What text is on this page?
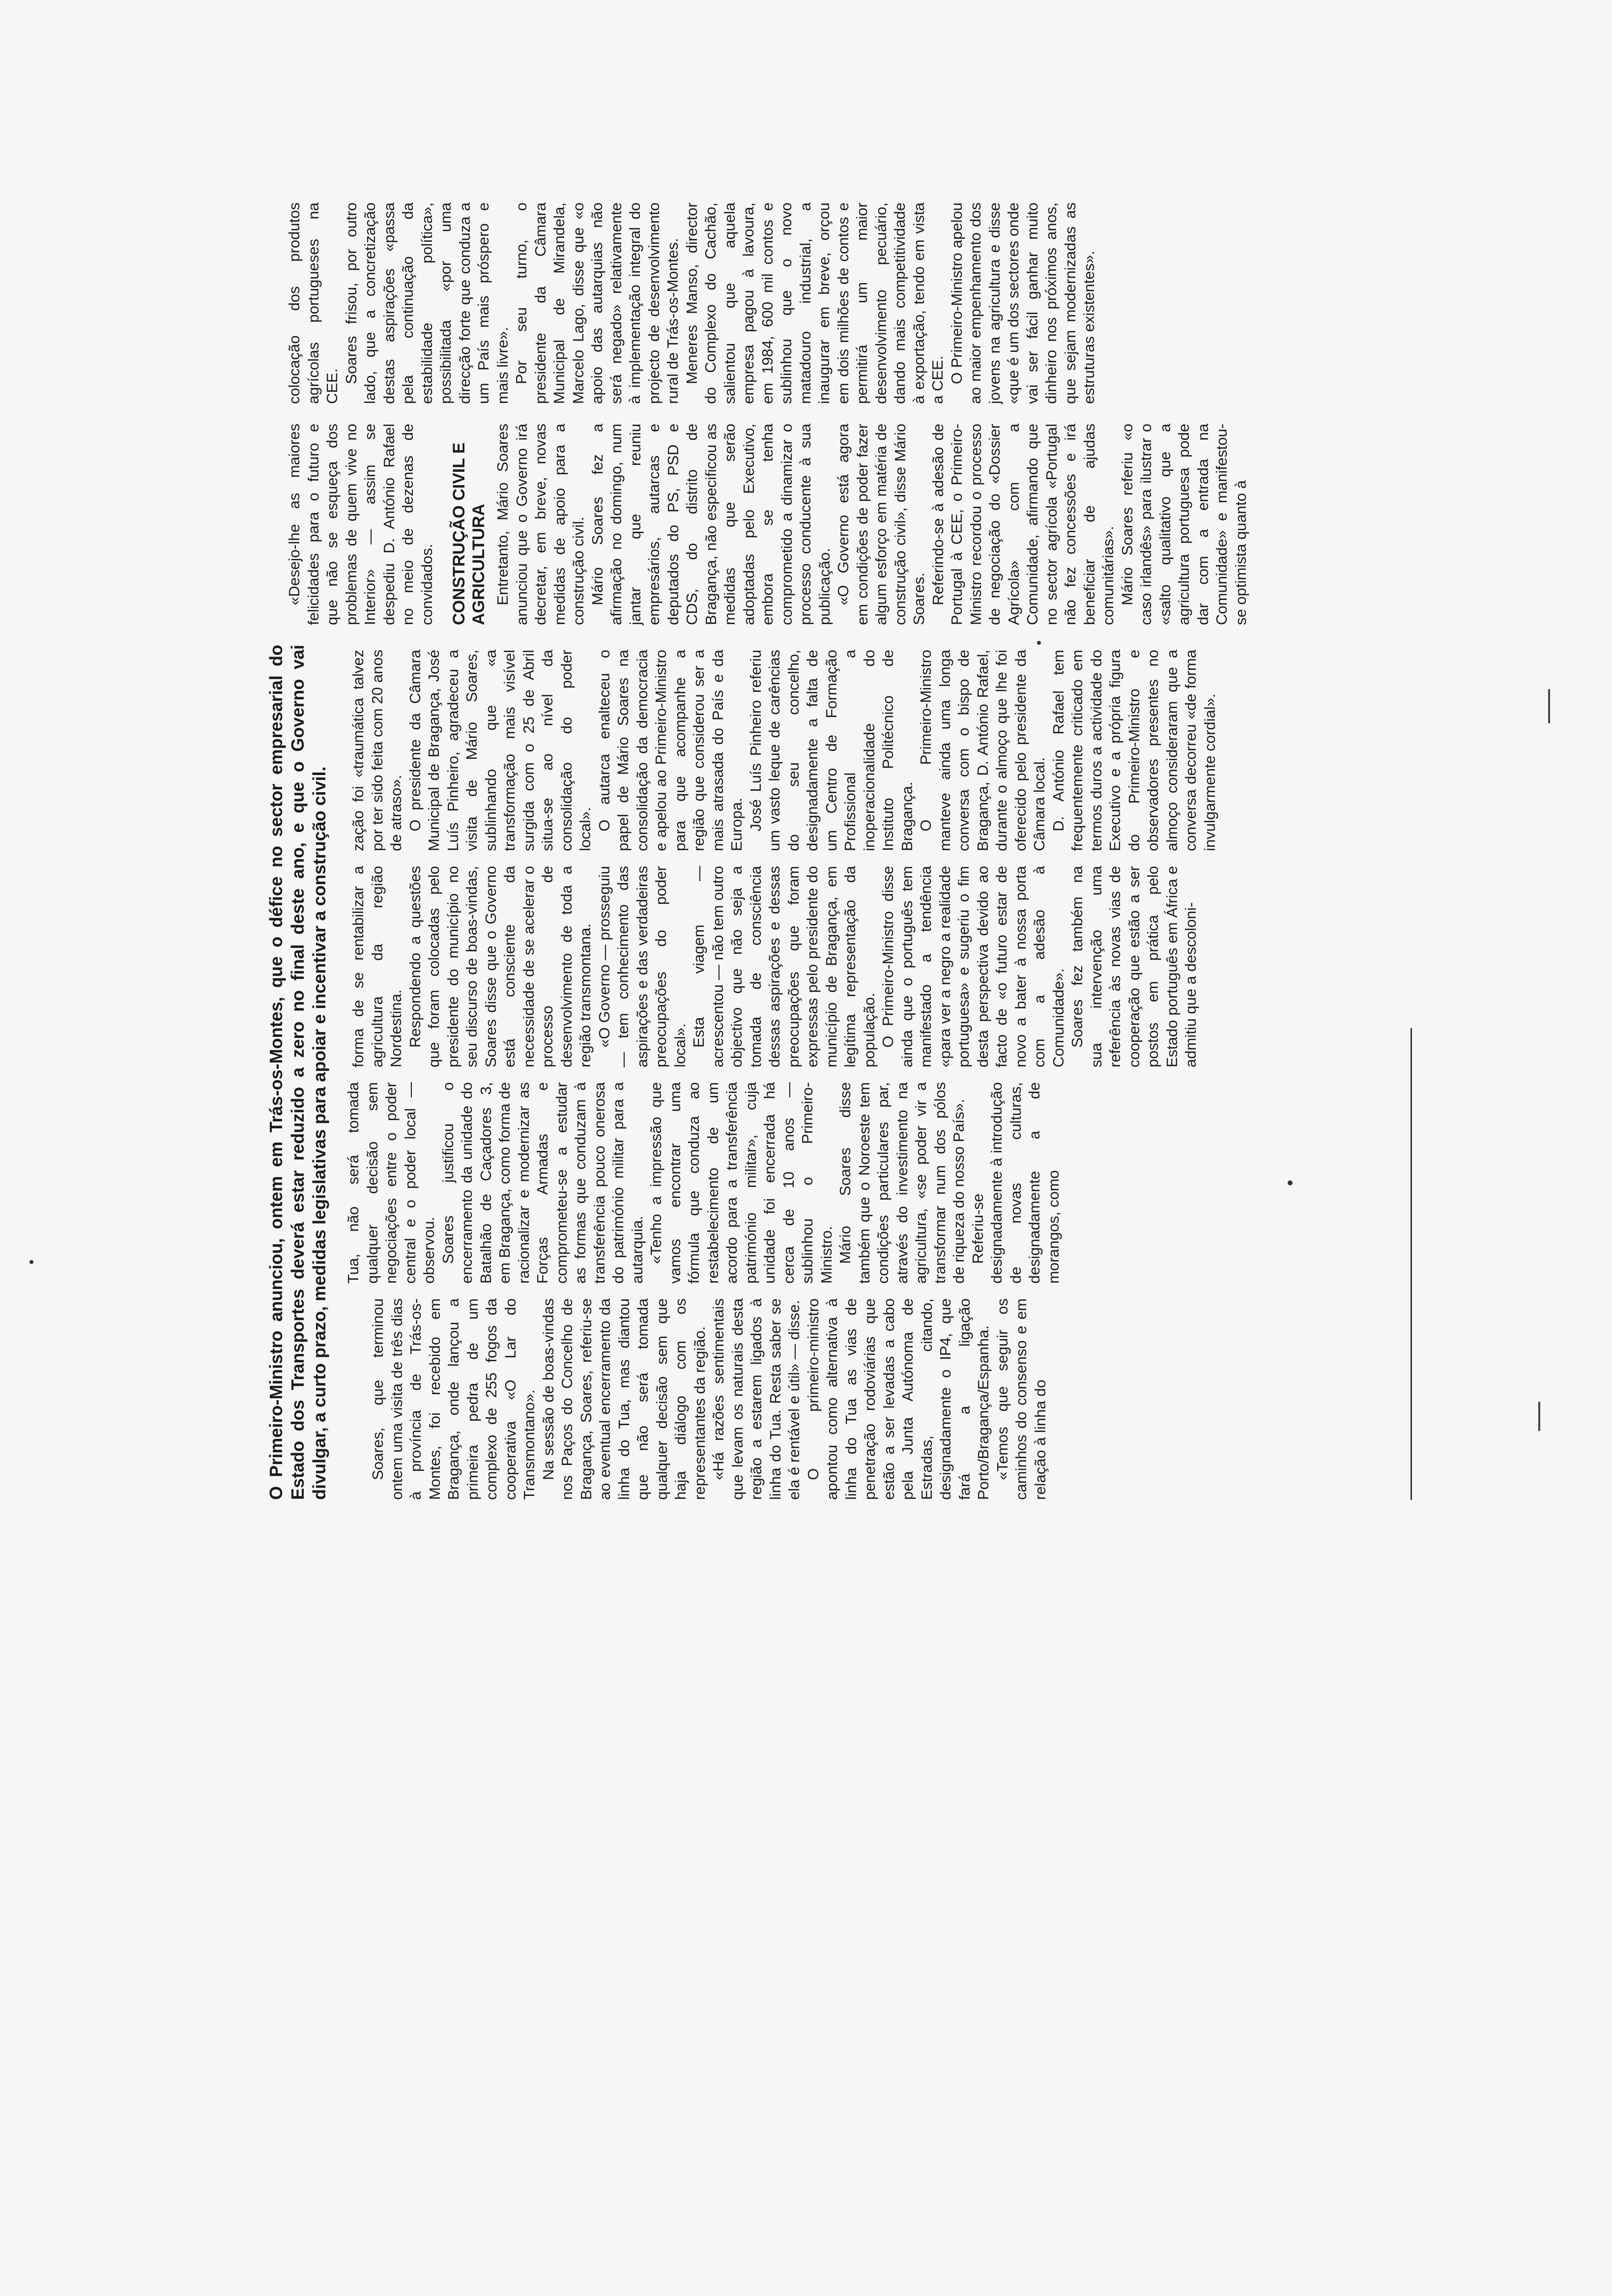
O Primeiro-Ministro anunciou, ontem em Trás-os-Montes, que o défice no sector empresarial do Estado dos Transportes deverá estar reduzido a zero no final deste ano, e que o Governo vai divulgar, a curto prazo, medidas legislativas para apoiar e incentivar a construção civil.	Soares, que terminou ontem uma visita de três dias à província de Trás-os-Montes, foi recebido em Bragança, onde lançou a primeira pedra de um complexo de 255 fogos da cooperativa «O Lar do Transmontano». Na sessão de boas-vindas nos Paços do Concelho de Bragança, Soares, referiu-se ao eventual encerramento da linha do Tua, mas diantou que não será tomada qualquer decisão sem que haja diálogo com os representantes da região. «Há razões sentimentais que levam os naturais desta região a estarem ligados à linha do Tua. Resta saber se ela é rentável e útil» — disse. O primeiro-ministro apontou como alternativa à linha do Tua as vias de penetração rodoviárias que estão a ser levadas a cabo pela Junta Autónoma de Estradas, citando, designadamente o IP4, que fará a ligação Porto/Bragança/Espanha. «Temos que seguir os caminhos do consenso e em relação à linha do

Tua, não será tomada qualquer decisão sem negociações entre o poder central e o poder local — observou. Soares justificou o encerramento da unidade do Batalhão de Caçadores 3, em Bragança, como forma de racionalizar e modernizar as Forças Armadas e comprometeu-se a estudar as formas que conduzam à transferência pouco onerosa do património militar para a autarquia. «Tenho a impressão que vamos encontrar uma fórmula que conduza ao restabelecimento de um acordo para a transferência património militar», cuja unidade foi encerrada há cerca de 10 anos — sublinhou o Primeiro-Ministro. Mário Soares disse também que o Noroeste tem condições particulares par, através do investimento na agricultura, «se poder vir a transformar num dos pólos de riqueza do nosso País». Referiu-se designadamente à introdução de novas culturas, designadamente a de morangos, como

forma de se rentabilizar a agricultura da região Nordestina. Respondendo a questões que foram colocadas pelo presidente do município no seu discurso de boas-vindas, Soares disse que o Governo está consciente da necessidade de se acelerar o processo de desenvolvimento de toda a região transmontana. «O Governo — prosseguiu — tem conhecimento das aspirações e das verdadeiras preocupações do poder local». Esta viagem — acrescentou — não tem outro objectivo que não seja a tomada de consciência dessas aspirações e dessas preocupações que foram expressas pelo presidente do município de Bragança, em legítima representação da população. O Primeiro-Ministro disse ainda que o português tem manifestado a tendência «para ver a negro a realidade portuguesa» e sugeriu o fim desta perspectiva devido ao facto de «o futuro estar de novo a bater à nossa porta com a adesão à Comunidade». Soares fez também na sua intervenção uma referência às novas vias de cooperação que estão a ser postos em prática pelo Estado português em África e admitiu que a descoloni-

zação foi «traumática talvez por ter sido feita com 20 anos de atraso». O presidente da Câmara Municipal de Bragança, José Luís Pinheiro, agradeceu a visita de Mário Soares, sublinhando que «a transformação mais visível surgida com o 25 de Abril situa-se ao nível da consolidação do poder local». O autarca enalteceu o papel de Mário Soares na consolidação da democracia e apelou ao Primeiro-Ministro para que acompanhe a região que considerou ser a mais atrasada do País e da Europa. José Luís Pinheiro referiu um vasto leque de carências do seu concelho, designadamente a falta de um Centro de Formação Profissional a inoperacionalidade do Instituto Politécnico de Bragança. O Primeiro-Ministro manteve ainda uma longa conversa com o bispo de Bragança, D. António Rafael, durante o almoço que lhe foi oferecido pelo presidente da Câmara local. D. António Rafael tem frequentemente criticado em termos duros a actividade do Executivo e a própria figura do Primeiro-Ministro e observadores presentes no almoço consideraram que a conversa decorreu «de forma invulgarmente cordial».

«Desejo-lhe as maiores felicidades para o futuro e que não se esqueça dos problemas de quem vive no Interior» — assim se despediu D. António Rafael no meio de dezenas de convidados. CONSTRUÇÃO CIVIL E AGRICULTURA Entretanto, Mário Soares anunciou que o Governo irá decretar, em breve, novas medidas de apoio para a construção civil. Mário Soares fez a afirmação no domingo, num jantar que reuniu empresários, autarcas e deputados do PS, PSD e CDS, do distrito de Bragança, não especificou as medidas que serão adoptadas pelo Executivo, embora se tenha comprometido a dinamizar o processo conducente à sua publicação. «O Governo está agora em condições de poder fazer algum esforço em matéria de construção civil», disse Mário Soares. Referindo-se à adesão de Portugal à CEE, o Primeiro-Ministro recordou o processo de negociação do «Dossier Agrícola» com a Comunidade, afirmando que no sector agrícola «Portugal não fez concessões e irá beneficiar de ajudas comunitárias». Mário Soares referiu «o caso irlandês» para ilustrar o «salto qualitativo que a agricultura portuguesa pode dar com a entrada na Comunidade» e manifestou-se optimista quanto à

colocação dos produtos agrícolas portugueses na CEE.

Soares frisou, por outro lado, que a concretização destas aspirações «passa pela continuação da estabilidade política», possibilitada «por uma direcção forte que conduza a um País mais próspero e mais livre». Por seu turno, o presidente da Câmara Municipal de Mirandela, Marcelo Lago, disse que «o apoio das autarquias não será negado» relativamente à implementação integral do projecto de desenvolvimento rural de Trás-os-Montes. Meneres Manso, director do Complexo do Cachão, salientou que aquela empresa pagou à lavoura, em 1984, 600 mil contos e sublinhou que o novo matadouro industrial, a inaugurar em breve, orçou em dois milhões de contos e permitirá um maior desenvolvimento pecuário, dando mais competitividade à exportação, tendo em vista a CEE. O Primeiro-Ministro apelou ao maior empenhamento dos jovens na agricultura e disse «que é um dos sectores onde vai ser fácil ganhar muito dinheiro nos próximos anos, que sejam modernizadas as estruturas existentes».
